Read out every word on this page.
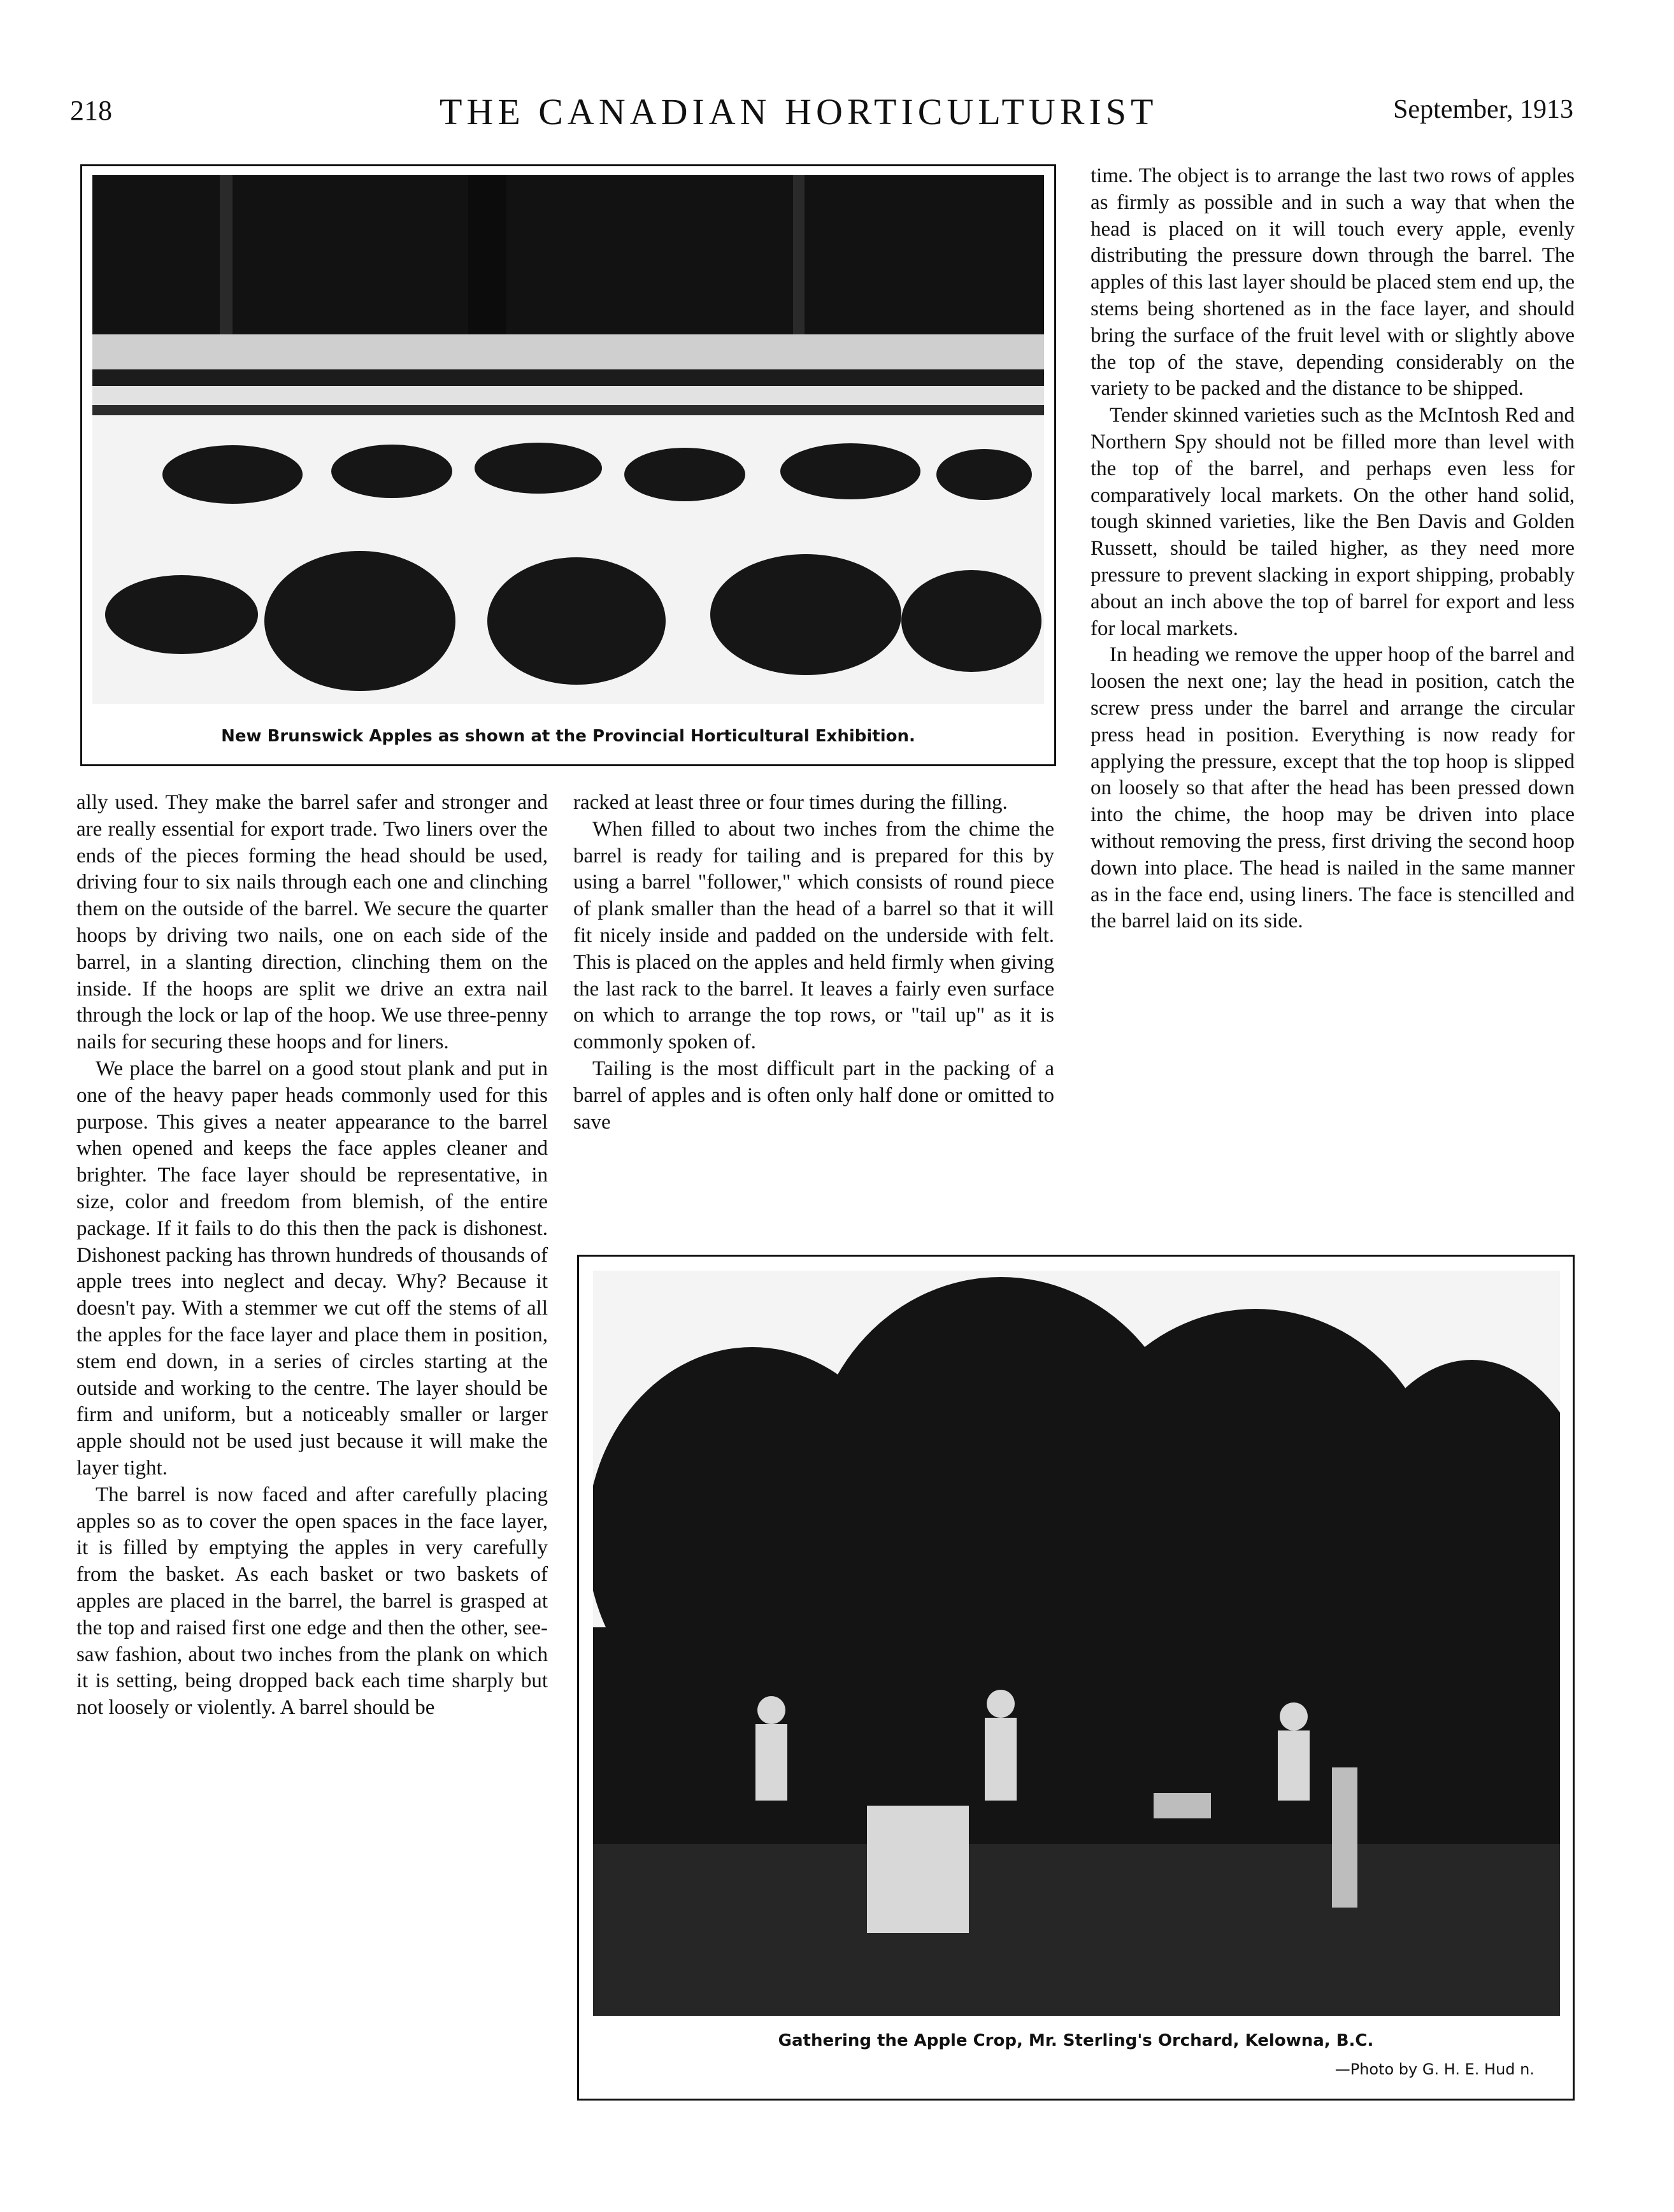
218	THE CANADIAN HORTICULTURIST	September, 1913
New Brunswick Apples as shown at the Provincial Horticultural Exhibition.

ally used. They make the barrel safer and stronger and are really essential for export trade. Two liners over the ends of the pieces forming the head should be used, driving four to six nails through each one and clinching them on the outside of the barrel. We secure the quarter hoops by driving two nails, one on each side of the barrel, in a slanting direction, clinching them on the inside. If the hoops are split we drive an extra nail through the lock or lap of the hoop. We use three-penny nails for securing these hoops and for liners.

We place the barrel on a good stout plank and put in one of the heavy paper heads commonly used for this purpose. This gives a neater appearance to the barrel when opened and keeps the face apples cleaner and brighter. The face layer should be representative, in size, color and freedom from blemish, of the entire package. If it fails to do this then the pack is dishonest. Dishonest packing has thrown hundreds of thousands of apple trees into neglect and decay. Why? Because it doesn't pay. With a stemmer we cut off the stems of all the apples for the face layer and place them in position, stem end down, in a series of circles starting at the outside and working to the centre. The layer should be firm and uniform, but a noticeably smaller or larger apple should not be used just because it will make the layer tight.

The barrel is now faced and after carefully placing apples so as to cover the open spaces in the face layer, it is filled by emptying the apples in very carefully from the basket. As each basket or two baskets of apples are placed in the barrel, the barrel is grasped at the top and raised first one edge and then the other, see-saw fashion, about two inches from the plank on which it is setting, being dropped back each time sharply but not loosely or violently. A barrel should be

racked at least three or four times during the filling.

When filled to about two inches from the chime the barrel is ready for tailing and is prepared for this by using a barrel "follower," which consists of round piece of plank smaller than the head of a barrel so that it will fit nicely inside and padded on the underside with felt. This is placed on the apples and held firmly when giving the last rack to the barrel. It leaves a fairly even surface on which to arrange the top rows, or "tail up" as it is commonly spoken of.

Tailing is the most difficult part in the packing of a barrel of apples and is often only half done or omitted to save

time. The object is to arrange the last two rows of apples as firmly as possible and in such a way that when the head is placed on it will touch every apple, evenly distributing the pressure down through the barrel. The apples of this last layer should be placed stem end up, the stems being shortened as in the face layer, and should bring the surface of the fruit level with or slightly above the top of the stave, depending considerably on the variety to be packed and the distance to be shipped.

Tender skinned varieties such as the McIntosh Red and Northern Spy should not be filled more than level with the top of the barrel, and perhaps even less for comparatively local markets. On the other hand solid, tough skinned varieties, like the Ben Davis and Golden Russett, should be tailed higher, as they need more pressure to prevent slacking in export shipping, probably about an inch above the top of barrel for export and less for local markets.

In heading we remove the upper hoop of the barrel and loosen the next one; lay the head in position, catch the screw press under the barrel and arrange the circular press head in position. Everything is now ready for applying the pressure, except that the top hoop is slipped on loosely so that after the head has been pressed down into the chime, the hoop may be driven into place without removing the press, first driving the second hoop down into place. The head is nailed in the same manner as in the face end, using liners. The face is stencilled and the barrel laid on its side.

Gathering the Apple Crop, Mr. Sterling's Orchard, Kelowna, B.C.
—Photo by G. H. E. Hud n.
